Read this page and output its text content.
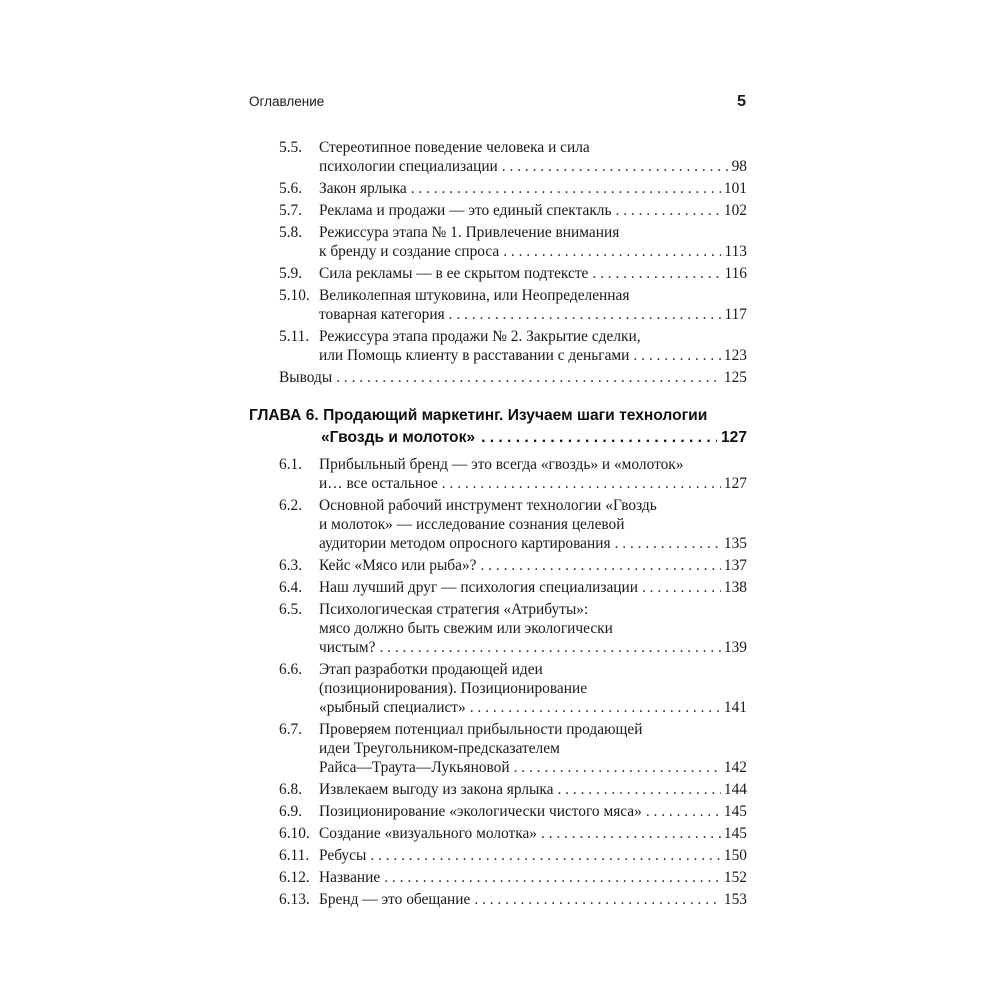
Оглавление	5
5.5.	Стереотипное поведение человека и сила
психологии специализации . . .	98
5.6.	Закон ярлыка . . .	101
5.7.	Реклама и продажи — это единый спектакль . . .	102
5.8.	Режиссура этапа № 1. Привлечение внимания
к бренду и создание спроса . . .	113
5.9.	Сила рекламы — в ее скрытом подтексте . . .	116
5.10. Великолепная штуковина, или Неопределенная
товарная категория . . .	117
5.11. Режиссура этапа продажи № 2. Закрытие сделки,
или Помощь клиенту в расставании с деньгами . . .	123
Выводы . . .	125
ГЛАВА 6. Продающий маркетинг. Изучаем шаги технологии
«Гвоздь и молоток» . . .	127
6.1.	Прибыльный бренд — это всегда «гвоздь» и «молоток»
и… все остальное . . .	127
6.2.	Основной рабочий инструмент технологии «Гвоздь
и молоток» — исследование сознания целевой
аудитории методом опросного картирования . . .	135
6.3.	Кейс «Мясо или рыба»? . . .	137
6.4.	Наш лучший друг — психология специализации . . .	138
6.5.	Психологическая стратегия «Атрибуты»:
мясо должно быть свежим или экологически
чистым? . . .	139
6.6.	Этап разработки продающей идеи
(позиционирования). Позиционирование
«рыбный специалист» . . .	141
6.7.	Проверяем потенциал прибыльности продающей
идеи Треугольником-предсказателем
Райса—Траута—Лукьяновой . . .	142
6.8.	Извлекаем выгоду из закона ярлыка . . .	144
6.9.	Позиционирование «экологически чистого мяса» . . .	145
6.10. Создание «визуального молотка» . . .	145
6.11. Ребусы . . .	150
6.12. Название . . .	152
6.13. Бренд — это обещание . . .	153
